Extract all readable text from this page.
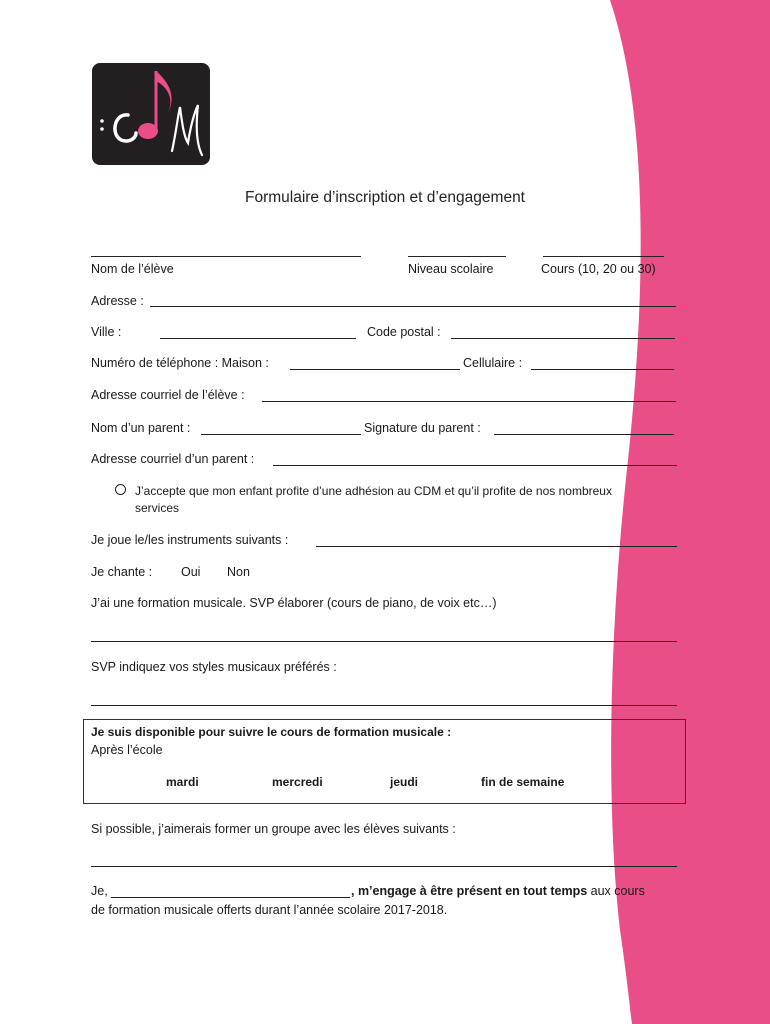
Formulaire d’inscription et d’engagement
Nom de l’élève	Niveau scolaire	Cours (10, 20 ou 30)
Adresse :
Ville :	Code postal :
Numéro de téléphone : Maison :	Cellulaire :
Adresse courriel de l’élève :
Nom d’un parent :	Signature du parent :
Adresse courriel d’un parent :
J’accepte que mon enfant profite d’une adhésion au CDM et qu’il profite de nos nombreux
services
Je joue le/les instruments suivants :
Je chante : Oui Non
J’ai une formation musicale. SVP élaborer (cours de piano, de voix etc…)
SVP indiquez vos styles musicaux préférés :
Je suis disponible pour suivre le cours de formation musicale :
Après l’école
mardi	mercredi	jeudi	fin de semaine
Si possible, j’aimerais former un groupe avec les élèves suivants :
Je,	, m’engage à être présent en tout temps aux cours
de formation musicale offerts durant l’année scolaire 2017-2018.
